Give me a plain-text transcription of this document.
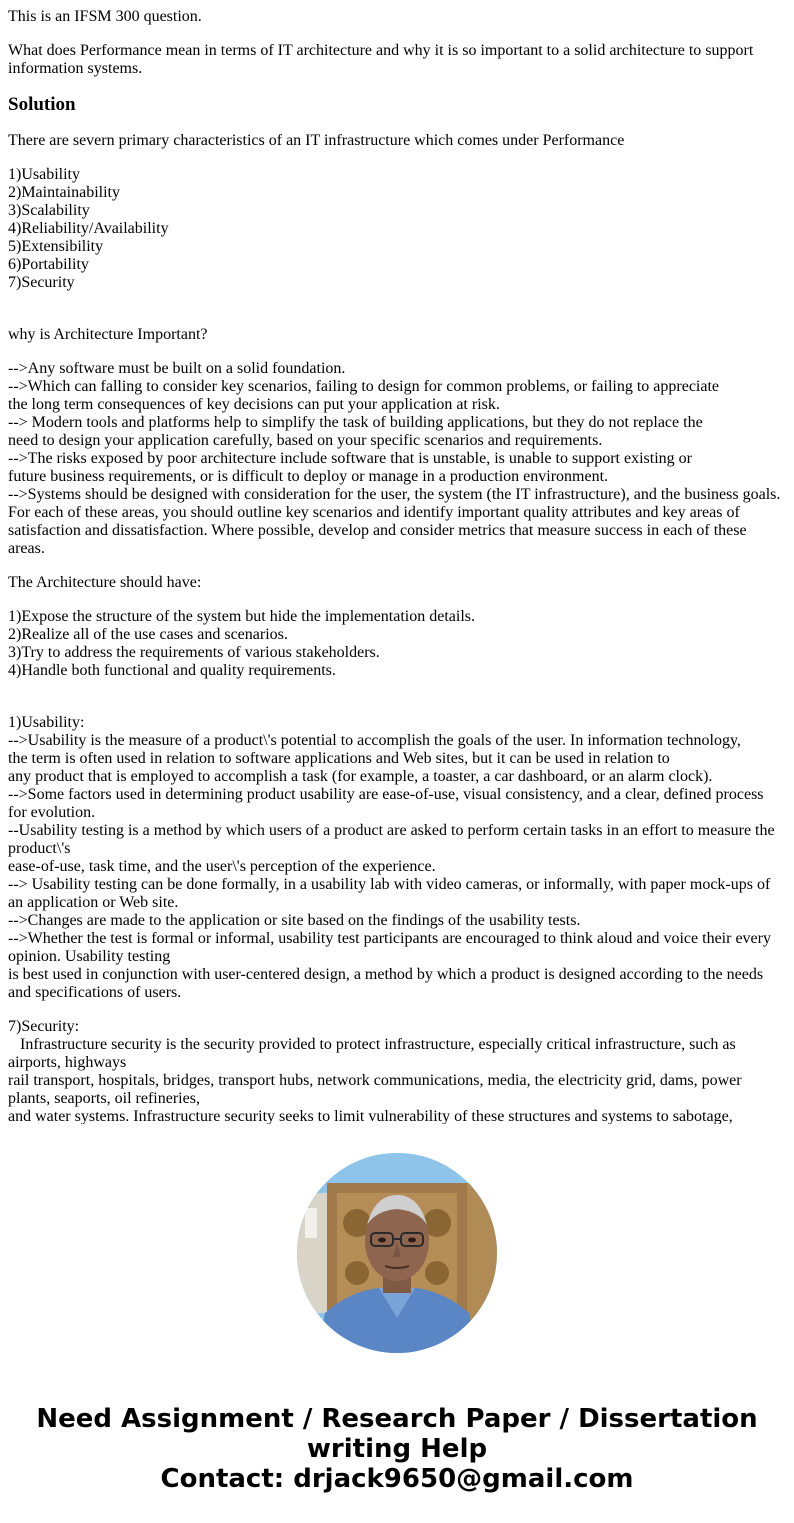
This is an IFSM 300 question.

What does Performance mean in terms of IT architecture and why it is so important to a solid architecture to support information systems.

Solution

There are severn primary characteristics of an IT infrastructure which comes under Performance

1)Usability
2)Maintainability
3)Scalability
4)Reliability/Availability
5)Extensibility
6)Portability
7)Security

why is Architecture Important?

-->Any software must be built on a solid foundation.
-->Which can falling to consider key scenarios, failing to design for common problems, or failing to appreciate
the long term consequences of key decisions can put your application at risk.
--> Modern tools and platforms help to simplify the task of building applications, but they do not replace the
need to design your application carefully, based on your specific scenarios and requirements.
-->The risks exposed by poor architecture include software that is unstable, is unable to support existing or
future business requirements, or is difficult to deploy or manage in a production environment.
-->Systems should be designed with consideration for the user, the system (the IT infrastructure), and the business goals. For each of these areas, you should outline key scenarios and identify important quality attributes and key areas of satisfaction and dissatisfaction. Where possible, develop and consider metrics that measure success in each of these areas.

The Architecture should have:

1)Expose the structure of the system but hide the implementation details.
2)Realize all of the use cases and scenarios.
3)Try to address the requirements of various stakeholders.
4)Handle both functional and quality requirements.

1)Usability:
-->Usability is the measure of a product\'s potential to accomplish the goals of the user. In information technology,
the term is often used in relation to software applications and Web sites, but it can be used in relation to
any product that is employed to accomplish a task (for example, a toaster, a car dashboard, or an alarm clock).
-->Some factors used in determining product usability are ease-of-use, visual consistency, and a clear, defined process for evolution.
--Usability testing is a method by which users of a product are asked to perform certain tasks in an effort to measure the product\'s
ease-of-use, task time, and the user\'s perception of the experience.
--> Usability testing can be done formally, in a usability lab with video cameras, or informally, with paper mock-ups of an application or Web site.
-->Changes are made to the application or site based on the findings of the usability tests.
-->Whether the test is formal or informal, usability test participants are encouraged to think aloud and voice their every opinion. Usability testing
is best used in conjunction with user-centered design, a method by which a product is designed according to the needs and specifications of users.

7)Security:
Infrastructure security is the security provided to protect infrastructure, especially critical infrastructure, such as airports, highways
rail transport, hospitals, bridges, transport hubs, network communications, media, the electricity grid, dams, power plants, seaports, oil refineries,
and water systems. Infrastructure security seeks to limit vulnerability of these structures and systems to sabotage,

Need Assignment / Research Paper / Dissertation
writing Help
Contact: drjack9650@gmail.com
